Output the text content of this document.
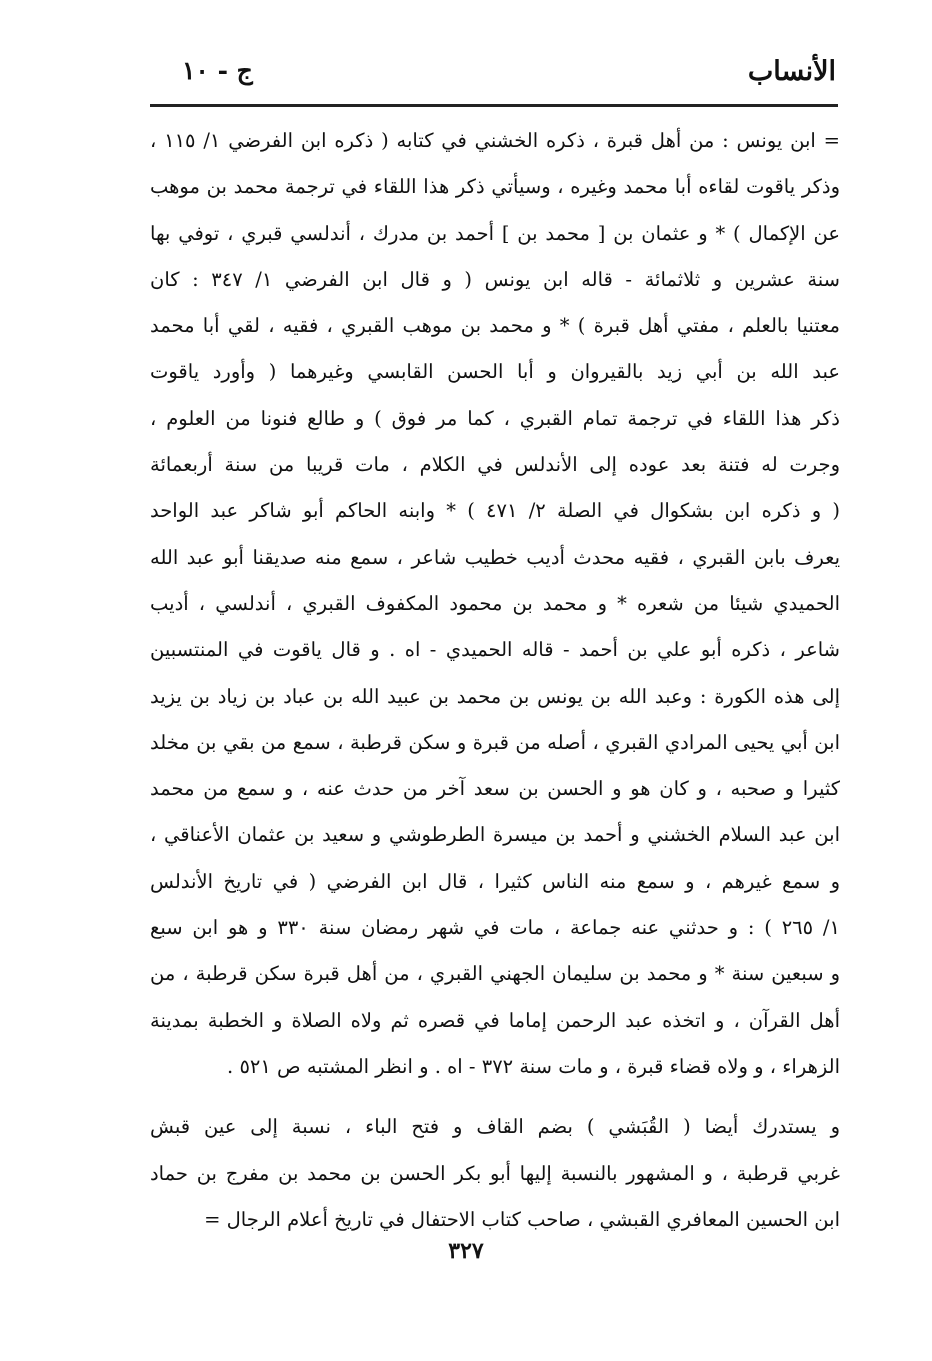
الأنساب
ج - ١٠
= ابن يونس : من أهل قبرة ، ذكره الخشني في كتابه ( ذكره ابن الفرضي ١/ ١١٥ ،
وذكر ياقوت لقاءه أبا محمد وغيره ، وسيأتي ذكر هذا اللقاء في ترجمة محمد بن موهب
عن الإكمال ) * و عثمان بن [ محمد بن ] أحمد بن مدرك ، أندلسي قبري ، توفي بها
سنة عشرين و ثلاثمائة - قاله ابن يونس ( و قال ابن الفرضي ١/ ٣٤٧ : كان
معتنيا بالعلم ، مفتي أهل قبرة ) * و محمد بن موهب القبري ، فقيه ، لقي أبا محمد
عبد الله بن أبي زيد بالقيروان و أبا الحسن القابسي وغيرهما ( وأورد ياقوت
ذكر هذا اللقاء في ترجمة تمام القبري ، كما مر فوق ) و طالع فنونا من العلوم ،
وجرت له فتنة بعد عوده إلى الأندلس في الكلام ، مات قريبا من سنة أربعمائة
( و ذكره ابن بشكوال في الصلة ٢/ ٤٧١ ) * وابنه الحاكم أبو شاكر عبد الواحد
يعرف بابن القبري ، فقيه محدث أديب خطيب شاعر ، سمع منه صديقنا أبو عبد الله
الحميدي شيئا من شعره * و محمد بن محمود المكفوف القبري ، أندلسي ، أديب
شاعر ، ذكره أبو علي بن أحمد - قاله الحميدي - اه . و قال ياقوت في المنتسبين
إلى هذه الكورة : وعبد الله بن يونس بن محمد بن عبيد الله بن عباد بن زياد بن يزيد
ابن أبي يحيى المرادي القبري ، أصله من قبرة و سكن قرطبة ، سمع من بقي بن مخلد
كثيرا و صحبه ، و كان هو و الحسن بن سعد آخر من حدث عنه ، و سمع من محمد
ابن عبد السلام الخشني و أحمد بن ميسرة الطرطوشي و سعيد بن عثمان الأعناقي ،
و سمع غيرهم ، و سمع منه الناس كثيرا ، قال ابن الفرضي ( في تاريخ الأندلس
١/ ٢٦٥ ) : و حدثني عنه جماعة ، مات في شهر رمضان سنة ٣٣٠ و هو ابن سبع
و سبعين سنة * و محمد بن سليمان الجهني القبري ، من أهل قبرة سكن قرطبة ، من
أهل القرآن ، و اتخذه عبد الرحمن إماما في قصره ثم ولاه الصلاة و الخطبة بمدينة
الزهراء ، و ولاه قضاء قبرة ، و مات سنة ٣٧٢ - اه . و انظر المشتبه ص ٥٢١ .
و يستدرك أيضا ( القُبَشي ) بضم القاف و فتح الباء ، نسبة إلى عين قبش
غربي قرطبة ، و المشهور بالنسبة إليها أبو بكر الحسن بن محمد بن مفرج بن حماد
ابن الحسين المعافري القبشي ، صاحب كتاب الاحتفال في تاريخ أعلام الرجال =
٣٢٧
